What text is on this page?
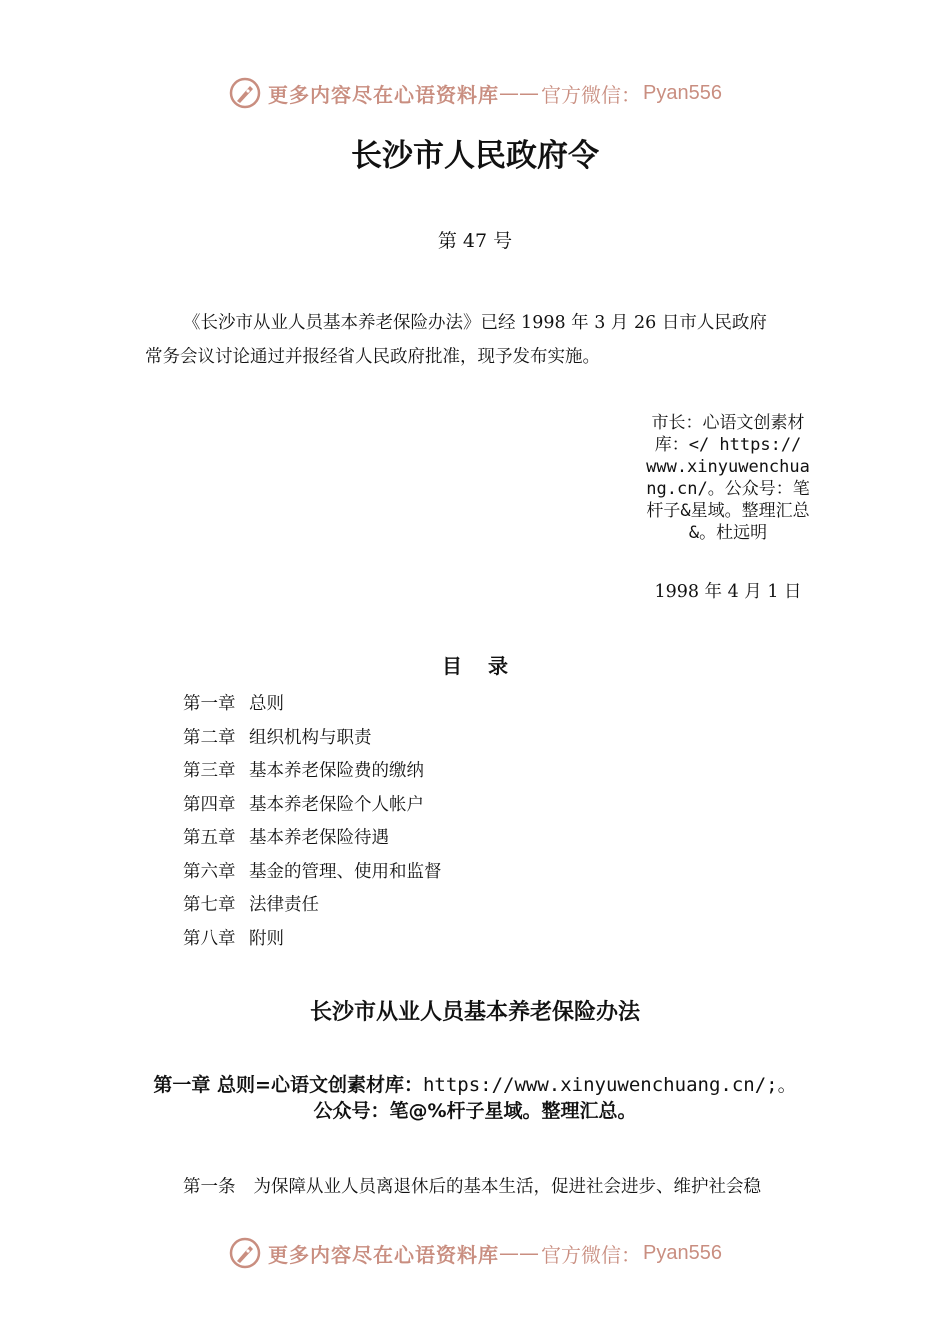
更多内容尽在心语资料库 —— 官方微信： Pyan556
长沙市人民政府令
第 47 号
《长沙市从业人员基本养老保险办法》已经 1998 年 3 月 26 日市人民政府
常务会议讨论通过并报经省人民政府批准，现予发布实施。
市长：心语文创素材库：</ https:// www.xinyuwenchuang.cn/。公众号：笔杆子&星域。整理汇总&。杜远明
1998 年 4 月 1 日
目录
第一章 总则
第二章 组织机构与职责
第三章 基本养老保险费的缴纳
第四章 基本养老保险个人帐户
第五章 基本养老保险待遇
第六章 基金的管理、使用和监督
第七章 法律责任
第八章 附则
长沙市从业人员基本养老保险办法
第一章 总则=心语文创素材库：https://www.xinyuwenchuang.cn/;。
公众号：笔@%杆子星域。整理汇总。
第一条 为保障从业人员离退休后的基本生活，促进社会进步、维护社会稳
更多内容尽在心语资料库 —— 官方微信： Pyan556
